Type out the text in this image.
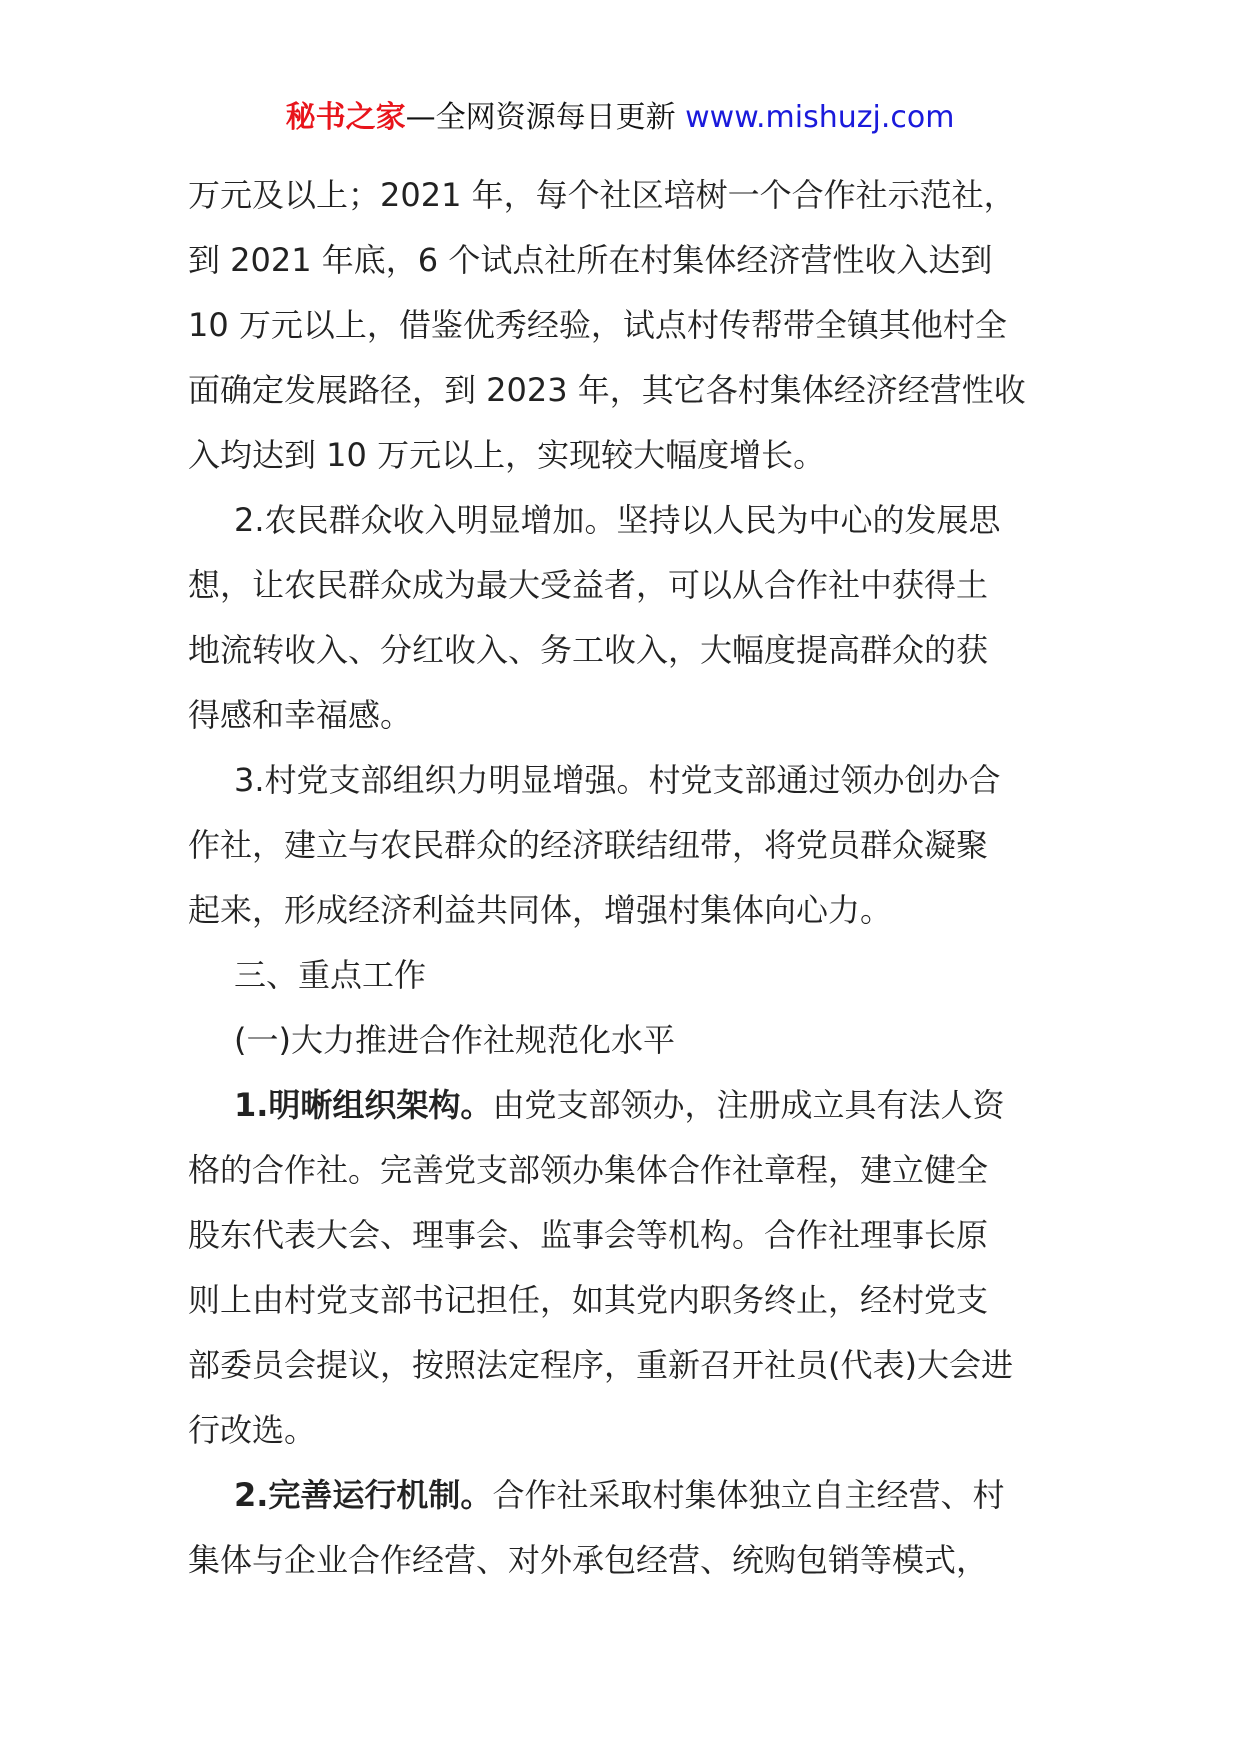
秘书之家—全网资源每日更新 www.mishuzj.com

万元及以上；2021 年，每个社区培树一个合作社示范社，

到 2021 年底，6 个试点社所在村集体经济营性收入达到

10 万元以上，借鉴优秀经验，试点村传帮带全镇其他村全

面确定发展路径，到 2023 年，其它各村集体经济经营性收

入均达到 10 万元以上，实现较大幅度增长。

2.农民群众收入明显增加。坚持以人民为中心的发展思

想，让农民群众成为最大受益者，可以从合作社中获得土

地流转收入、分红收入、务工收入，大幅度提高群众的获

得感和幸福感。

3.村党支部组织力明显增强。村党支部通过领办创办合

作社，建立与农民群众的经济联结纽带，将党员群众凝聚

起来，形成经济利益共同体，增强村集体向心力。

三、重点工作

(一)大力推进合作社规范化水平

1.明晰组织架构。由党支部领办，注册成立具有法人资

格的合作社。完善党支部领办集体合作社章程，建立健全

股东代表大会、理事会、监事会等机构。合作社理事长原

则上由村党支部书记担任，如其党内职务终止，经村党支

部委员会提议，按照法定程序，重新召开社员(代表)大会进

行改选。

2.完善运行机制。合作社采取村集体独立自主经营、村

集体与企业合作经营、对外承包经营、统购包销等模式，
